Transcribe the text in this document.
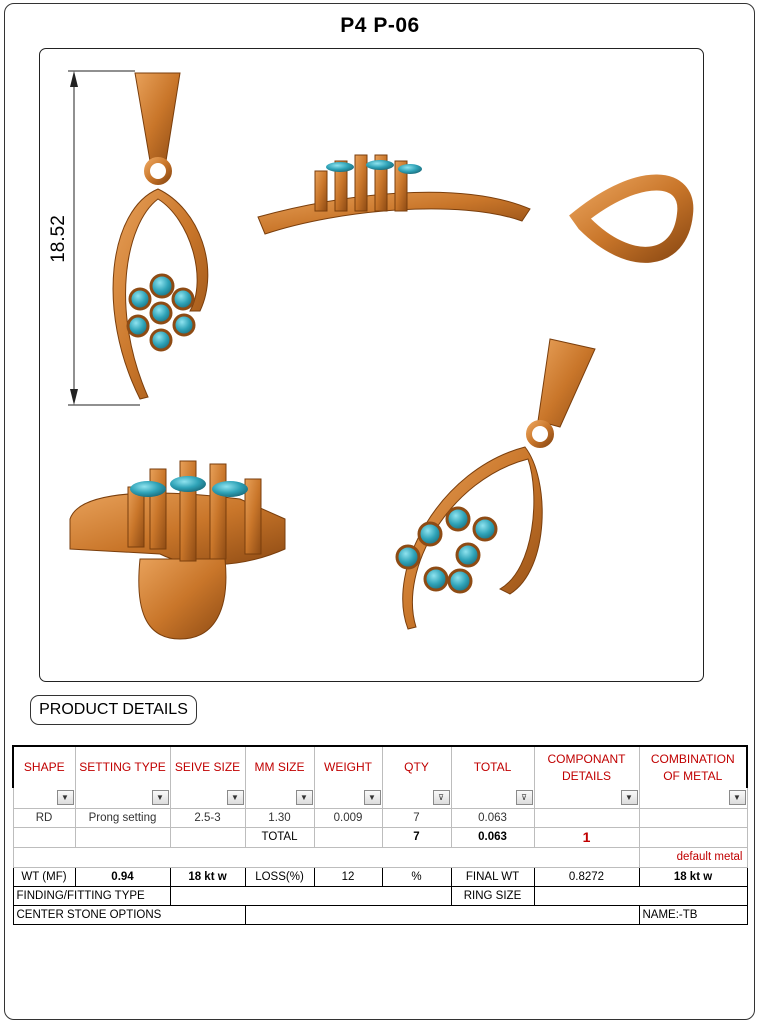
P4 P-06
18.52
PRODUCT DETAILS
SHAPE	SETTING TYPE	SEIVE SIZE	MM SIZE	WEIGHT	QTY	TOTAL	COMPONANT DETAILS	COMBINATION OF METAL
▼	▼	▼	▼	▼	⊽	⊽	▼	▼
RD	Prong setting	2.5-3	1.30	0.009	7	0.063		
			TOTAL		7	0.063	1	
								default metal
WT (MF)	0.94	18 kt w	LOSS(%)	12	%	FINAL WT	0.8272	18 kt w
FINDING/FITTING TYPE						RING SIZE		
CENTER STONE OPTIONS								NAME:-TB
